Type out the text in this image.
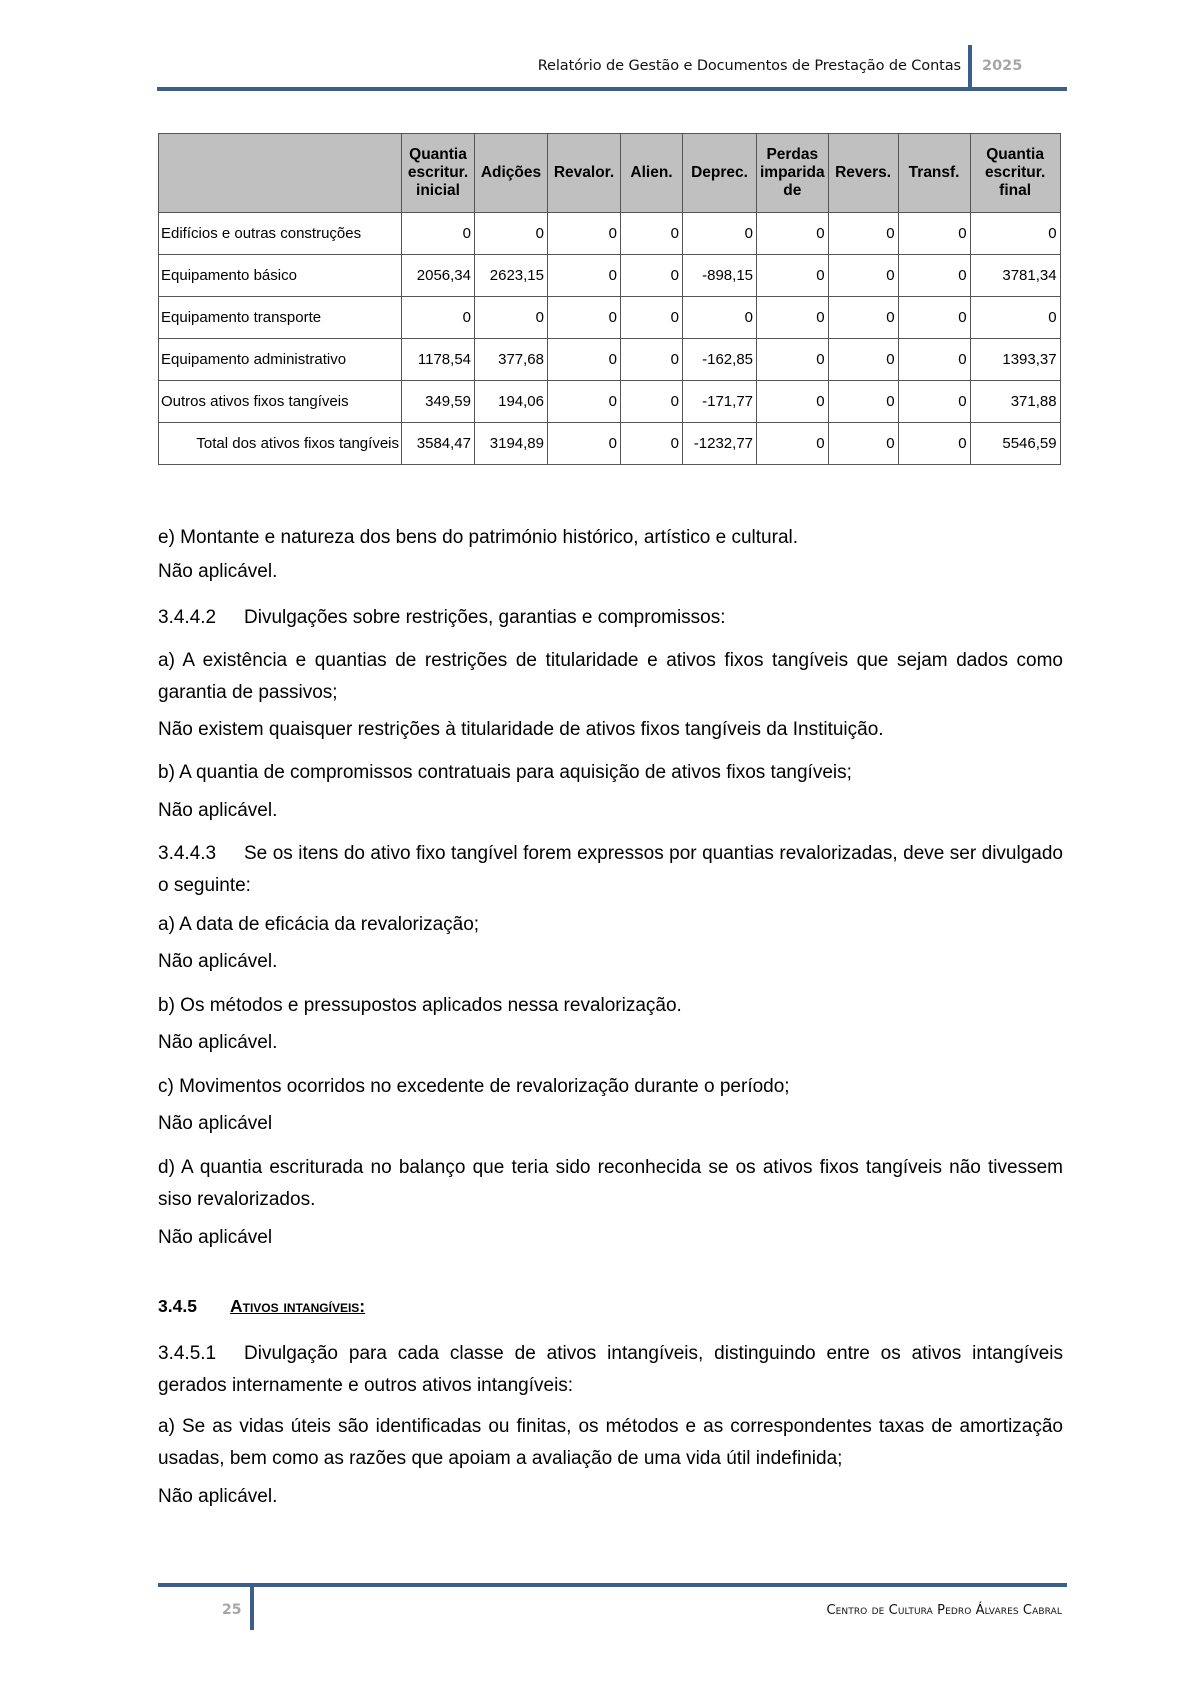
Relatório de Gestão e Documentos de Prestação de Contas 2025
	Quantia escritur. inicial	Adições	Revalor.	Alien.	Deprec.	Perdas imparida de	Revers.	Transf.	Quantia escritur. final
Edifícios e outras construções	0	0	0	0	0	0	0	0	0
Equipamento básico	2056,34	2623,15	0	0	-898,15	0	0	0	3781,34
Equipamento transporte	0	0	0	0	0	0	0	0	0
Equipamento administrativo	1178,54	377,68	0	0	-162,85	0	0	0	1393,37
Outros ativos fixos tangíveis	349,59	194,06	0	0	-171,77	0	0	0	371,88
Total dos ativos fixos tangíveis	3584,47	3194,89	0	0	-1232,77	0	0	0	5546,59
e) Montante e natureza dos bens do património histórico, artístico e cultural.
Não aplicável.
3.4.4.2 Divulgações sobre restrições, garantias e compromissos:
a) A existência e quantias de restrições de titularidade e ativos fixos tangíveis que sejam dados como garantia de passivos;
Não existem quaisquer restrições à titularidade de ativos fixos tangíveis da Instituição.
b) A quantia de compromissos contratuais para aquisição de ativos fixos tangíveis;
Não aplicável.
3.4.4.3 Se os itens do ativo fixo tangível forem expressos por quantias revalorizadas, deve ser divulgado o seguinte:
a) A data de eficácia da revalorização;
Não aplicável.
b) Os métodos e pressupostos aplicados nessa revalorização.
Não aplicável.
c) Movimentos ocorridos no excedente de revalorização durante o período;
Não aplicável
d) A quantia escriturada no balanço que teria sido reconhecida se os ativos fixos tangíveis não tivessem siso revalorizados.
Não aplicável
3.4.5 Ativos intangíveis:
3.4.5.1 Divulgação para cada classe de ativos intangíveis, distinguindo entre os ativos intangíveis gerados internamente e outros ativos intangíveis:
a) Se as vidas úteis são identificadas ou finitas, os métodos e as correspondentes taxas de amortização usadas, bem como as razões que apoiam a avaliação de uma vida útil indefinida;
Não aplicável.
25	Centro de Cultura Pedro Álvares Cabral
